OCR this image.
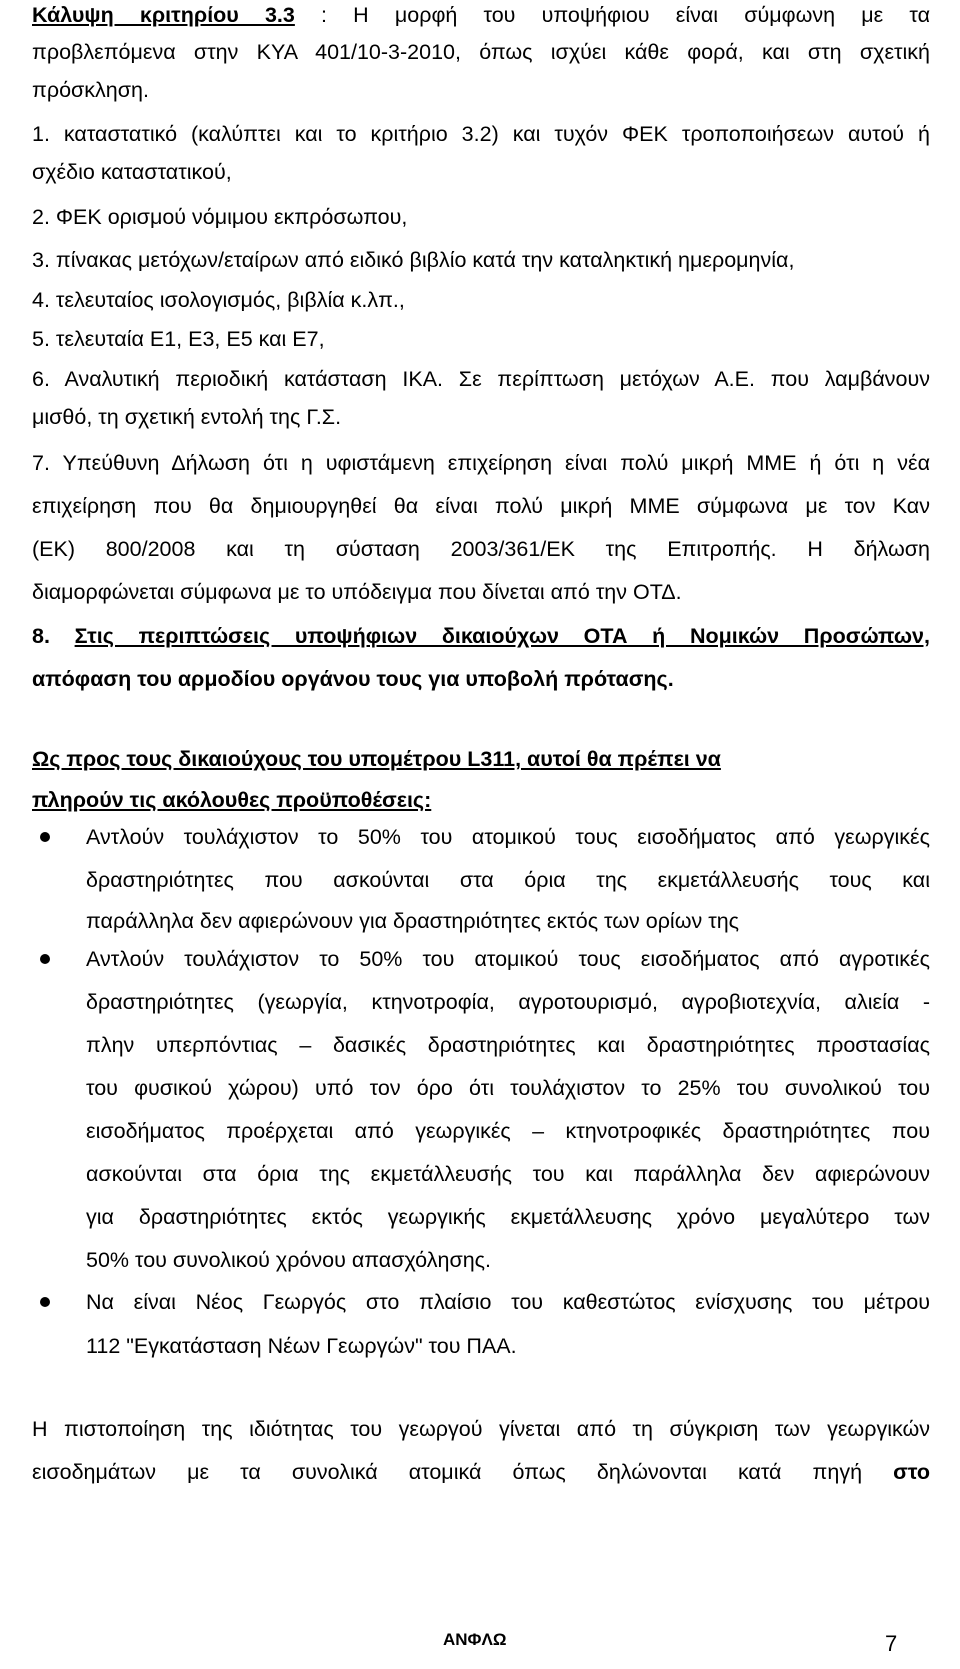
Κάλυψη κριτηρίου 3.3 : Η μορφή του υποψήφιου είναι σύμφωνη με τα
προβλεπόμενα στην ΚΥΑ 401/10-3-2010, όπως ισχύει κάθε φορά, και στη σχετική
πρόσκληση.
1. καταστατικό (καλύπτει και το κριτήριο 3.2) και τυχόν ΦΕΚ τροποποιήσεων αυτού ή
σχέδιο καταστατικού,
2. ΦΕΚ ορισμού νόμιμου εκπρόσωπου,
3. πίνακας μετόχων/εταίρων από ειδικό βιβλίο κατά την καταληκτική ημερομηνία,
4. τελευταίος ισολογισμός, βιβλία κ.λπ.,
5. τελευταία Ε1, Ε3, Ε5 και Ε7,
6. Αναλυτική περιοδική κατάσταση ΙΚΑ. Σε περίπτωση μετόχων Α.Ε. που λαμβάνουν
μισθό, τη σχετική εντολή της Γ.Σ.
7. Υπεύθυνη Δήλωση ότι η υφιστάμενη επιχείρηση είναι πολύ μικρή ΜΜΕ ή ότι η νέα
επιχείρηση που θα δημιουργηθεί θα είναι πολύ μικρή ΜΜΕ σύμφωνα με τον Καν
(ΕΚ) 800/2008 και τη σύσταση 2003/361/ΕΚ της Επιτροπής. Η δήλωση
διαμορφώνεται σύμφωνα με το υπόδειγμα που δίνεται από την ΟΤΔ.
8. Στις περιπτώσεις υποψήφιων δικαιούχων ΟΤΑ ή Νομικών Προσώπων,
απόφαση του αρμοδίου οργάνου τους για υποβολή πρότασης.
Ως προς τους δικαιούχους του υπομέτρου L311, αυτοί θα πρέπει να
πληρούν τις ακόλουθες προϋποθέσεις:
Αντλούν τουλάχιστον το 50% του ατομικού τους εισοδήματος από γεωργικές
δραστηριότητες που ασκούνται στα όρια της εκμετάλλευσής τους και
παράλληλα δεν αφιερώνουν για δραστηριότητες εκτός των ορίων της
Αντλούν τουλάχιστον το 50% του ατομικού τους εισοδήματος από αγροτικές
δραστηριότητες (γεωργία, κτηνοτροφία, αγροτουρισμό, αγροβιοτεχνία, αλιεία -
πλην υπερπόντιας – δασικές δραστηριότητες και δραστηριότητες προστασίας
του φυσικού χώρου) υπό τον όρο ότι τουλάχιστον το 25% του συνολικού του
εισοδήματος προέρχεται από γεωργικές – κτηνοτροφικές δραστηριότητες που
ασκούνται στα όρια της εκμετάλλευσής του και παράλληλα δεν αφιερώνουν
για δραστηριότητες εκτός γεωργικής εκμετάλλευσης χρόνο μεγαλύτερο των
50% του συνολικού χρόνου απασχόλησης.
Να είναι Νέος Γεωργός στο πλαίσιο του καθεστώτος ενίσχυσης του μέτρου
112 "Εγκατάσταση Νέων Γεωργών" του ΠΑΑ.
Η πιστοποίηση της ιδιότητας του γεωργού γίνεται από τη σύγκριση των γεωργικών
εισοδημάτων με τα συνολικά ατομικά όπως δηλώνονται κατά πηγή στο
ΑΝΦΛΩ	7
